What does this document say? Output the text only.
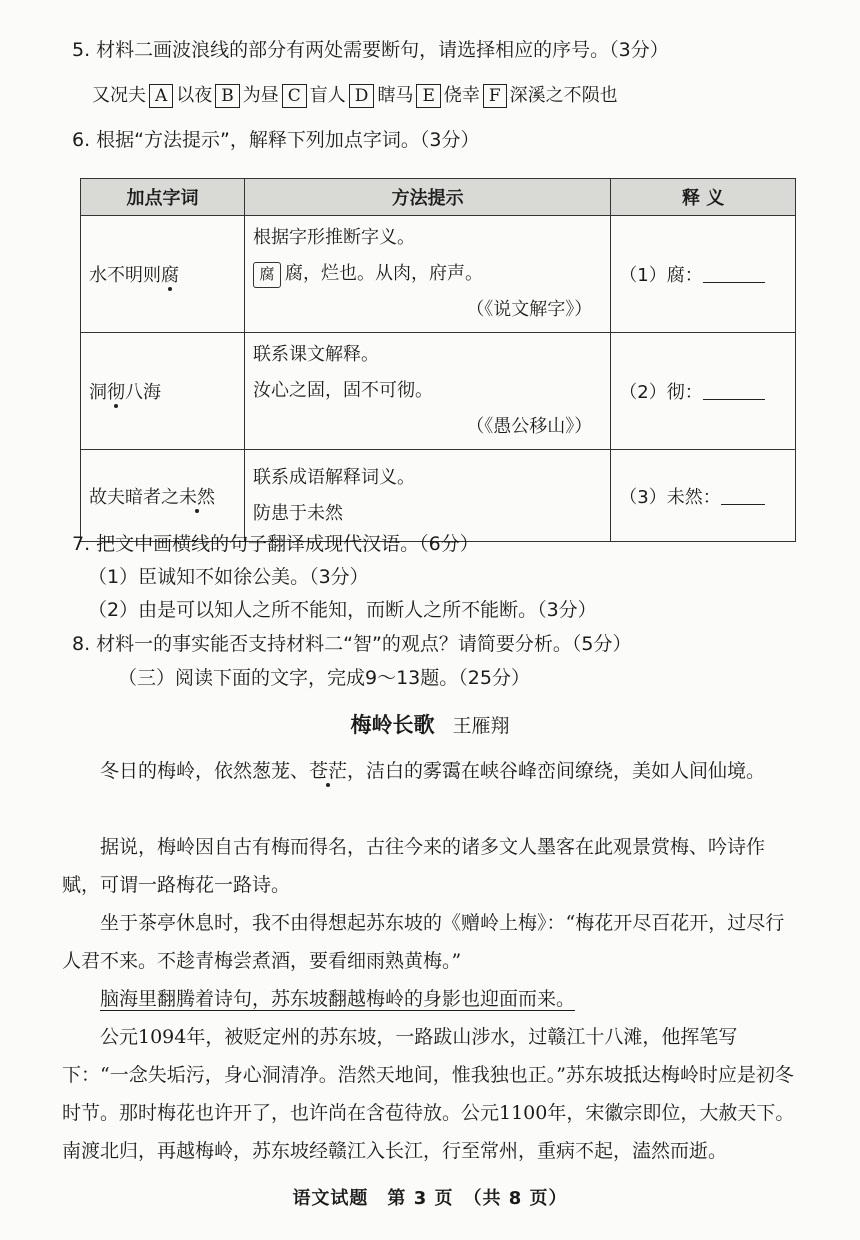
5. 材料二画波浪线的部分有两处需要断句，请选择相应的序号。（3分）
又况夫 A 以夜 B 为昼 C 盲人 D 瞎马 E 侥幸 F 深溪之不陨也
6. 根据“方法提示”，解释下列加点字词。（3分）
加点字词	方法提示	释 义
水不明则腐	根据字形推断字义。
腐 腐，烂也。从肉，府声。
（《说文解字》）	（1）腐：
洞彻八海	联系课文解释。
汝心之固，固不可彻。
（《愚公移山》）	（2）彻：
故夫暗者之未然	联系成语解释词义。
防患于未然	（3）未然：
7. 把文中画横线的句子翻译成现代汉语。（6分）
（1）臣诚知不如徐公美。（3分）
（2）由是可以知人之所不能知，而断人之所不能断。（3分）
8. 材料一的事实能否支持材料二“智”的观点？请简要分析。（5分）
（三）阅读下面的文字，完成9～13题。（25分）
梅岭长歌 王雁翔
冬日的梅岭，依然葱茏、苍茫，洁白的雾霭在峡谷峰峦间缭绕，美如人间仙境。
据说，梅岭因自古有梅而得名，古往今来的诸多文人墨客在此观景赏梅、吟诗作赋，可谓一路梅花一路诗。
坐于茶亭休息时，我不由得想起苏东坡的《赠岭上梅》：“梅花开尽百花开，过尽行人君不来。不趁青梅尝煮酒，要看细雨熟黄梅。”
脑海里翻腾着诗句，苏东坡翻越梅岭的身影也迎面而来。
公元1094年，被贬定州的苏东坡，一路跋山涉水，过赣江十八滩，他挥笔写下：“一念失垢污，身心洞清净。浩然天地间，惟我独也正。”苏东坡抵达梅岭时应是初冬时节。那时梅花也许开了，也许尚在含苞待放。公元1100年，宋徽宗即位，大赦天下。南渡北归，再越梅岭，苏东坡经赣江入长江，行至常州，重病不起，溘然而逝。
语文试题　第 3 页　（共 8 页）
